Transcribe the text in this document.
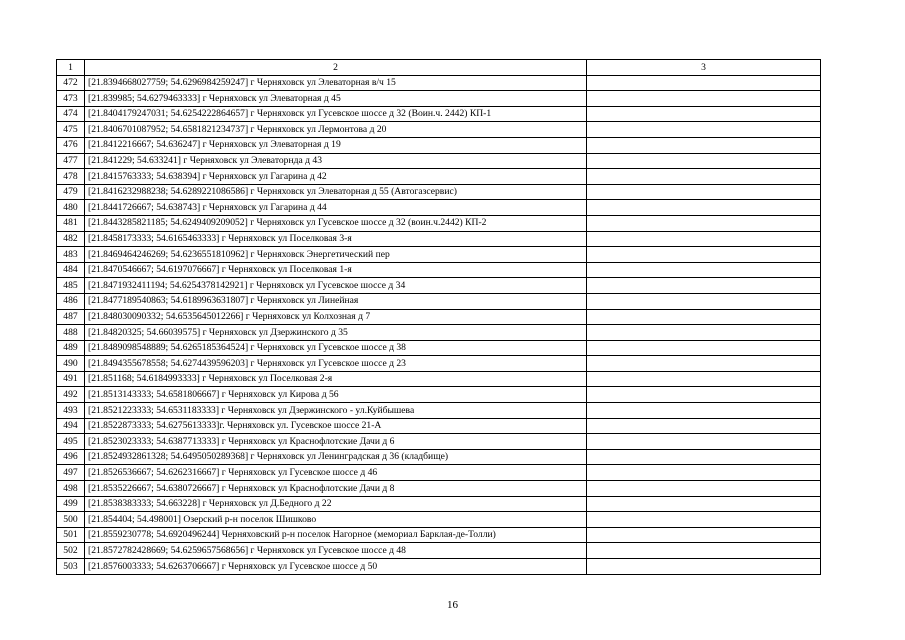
1	2	3
472	[21.8394668027759; 54.6296984259247] г Черняховск ул Элеваторная в/ч 15	
473	[21.839985; 54.6279463333] г Черняховск ул Элеваторная д 45	
474	[21.8404179247031; 54.6254222864657] г Черняховск ул Гусевское шоссе д 32 (Воин.ч. 2442) КП-1	
475	[21.8406701087952; 54.6581821234737] г Черняховск ул Лермонтова д 20	
476	[21.8412216667; 54.636247] г Черняховск ул Элеваторная д 19	
477	[21.841229; 54.633241] г Черняховск ул Элеваторнда д 43	
478	[21.8415763333; 54.638394] г Черняховск ул Гагарина д 42	
479	[21.8416232988238; 54.6289221086586] г Черняховск ул Элеваторная д 55 (Автогазсервис)	
480	[21.8441726667; 54.638743] г Черняховск ул Гагарина д 44	
481	[21.8443285821185; 54.6249409209052] г Черняховск ул Гусевское шоссе д 32 (воин.ч.2442) КП-2	
482	[21.8458173333; 54.6165463333] г Черняховск ул Поселковая 3-я	
483	[21.8469464246269; 54.6236551810962] г Черняховск Энергетический пер	
484	[21.8470546667; 54.6197076667] г Черняховск ул Поселковая 1-я	
485	[21.8471932411194; 54.6254378142921] г Черняховск ул Гусевское шоссе д 34	
486	[21.8477189540863; 54.6189963631807] г Черняховск ул Линейная	
487	[21.848030090332; 54.6535645012266] г Черняховск ул Колхозная д 7	
488	[21.84820325; 54.66039575] г Черняховск ул Дзержинского д 35	
489	[21.8489098548889; 54.6265185364524] г Черняховск ул Гусевское шоссе д 38	
490	[21.8494355678558; 54.6274439596203] г Черняховск ул Гусевское шоссе д 23	
491	[21.851168; 54.6184993333] г Черняховск ул Поселковая 2-я	
492	[21.8513143333; 54.6581806667] г Черняховск ул Кирова д 56	
493	[21.8521223333; 54.6531183333] г Черняховск ул Дзержинского - ул.Куйбышева	
494	[21.8522873333; 54.6275613333]г. Черняховск ул. Гусевское шоссе 21-А	
495	[21.8523023333; 54.6387713333] г Черняховск ул Краснофлотские Дачи д 6	
496	[21.8524932861328; 54.6495050289368] г Черняховск ул Ленинградская д 36 (кладбище)	
497	[21.8526536667; 54.6262316667] г Черняховск ул Гусевское шоссе д 46	
498	[21.8535226667; 54.6380726667] г Черняховск ул Краснофлотские Дачи д 8	
499	[21.8538383333; 54.663228] г Черняховск ул Д.Бедного д 22	
500	[21.854404; 54.498001] Озерский р-н поселок Шишково	
501	[21.8559230778; 54.6920496244] Черняховский р-н поселок Нагорное (мемориал Барклая-де-Толли)	
502	[21.8572782428669; 54.6259657568656] г Черняховск ул Гусевское шоссе д 48	
503	[21.8576003333; 54.6263706667] г Черняховск ул Гусевское шоссе д 50	
16
